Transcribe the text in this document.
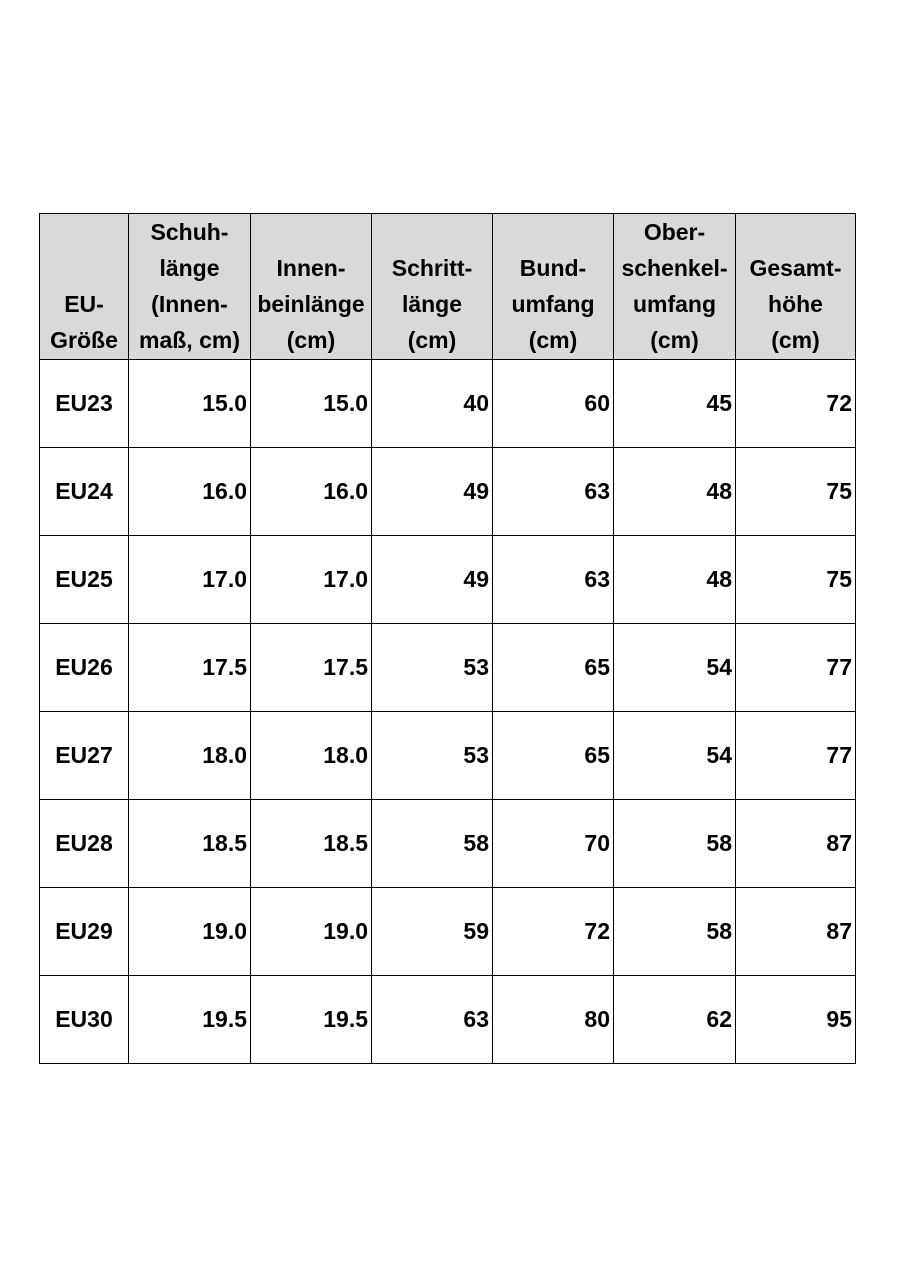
EU-
Größe	Schuh-
länge
(Innen-
maß, cm)	Innen-
beinlänge
(cm)	Schritt-
länge
(cm)	Bund-
umfang
(cm)	Ober-
schenkel-
umfang
(cm)	Gesamt-
höhe
(cm)

EU23	15.0	15.0	40	60	45	72
EU24	16.0	16.0	49	63	48	75
EU25	17.0	17.0	49	63	48	75
EU26	17.5	17.5	53	65	54	77
EU27	18.0	18.0	53	65	54	77
EU28	18.5	18.5	58	70	58	87
EU29	19.0	19.0	59	72	58	87
EU30	19.5	19.5	63	80	62	95
